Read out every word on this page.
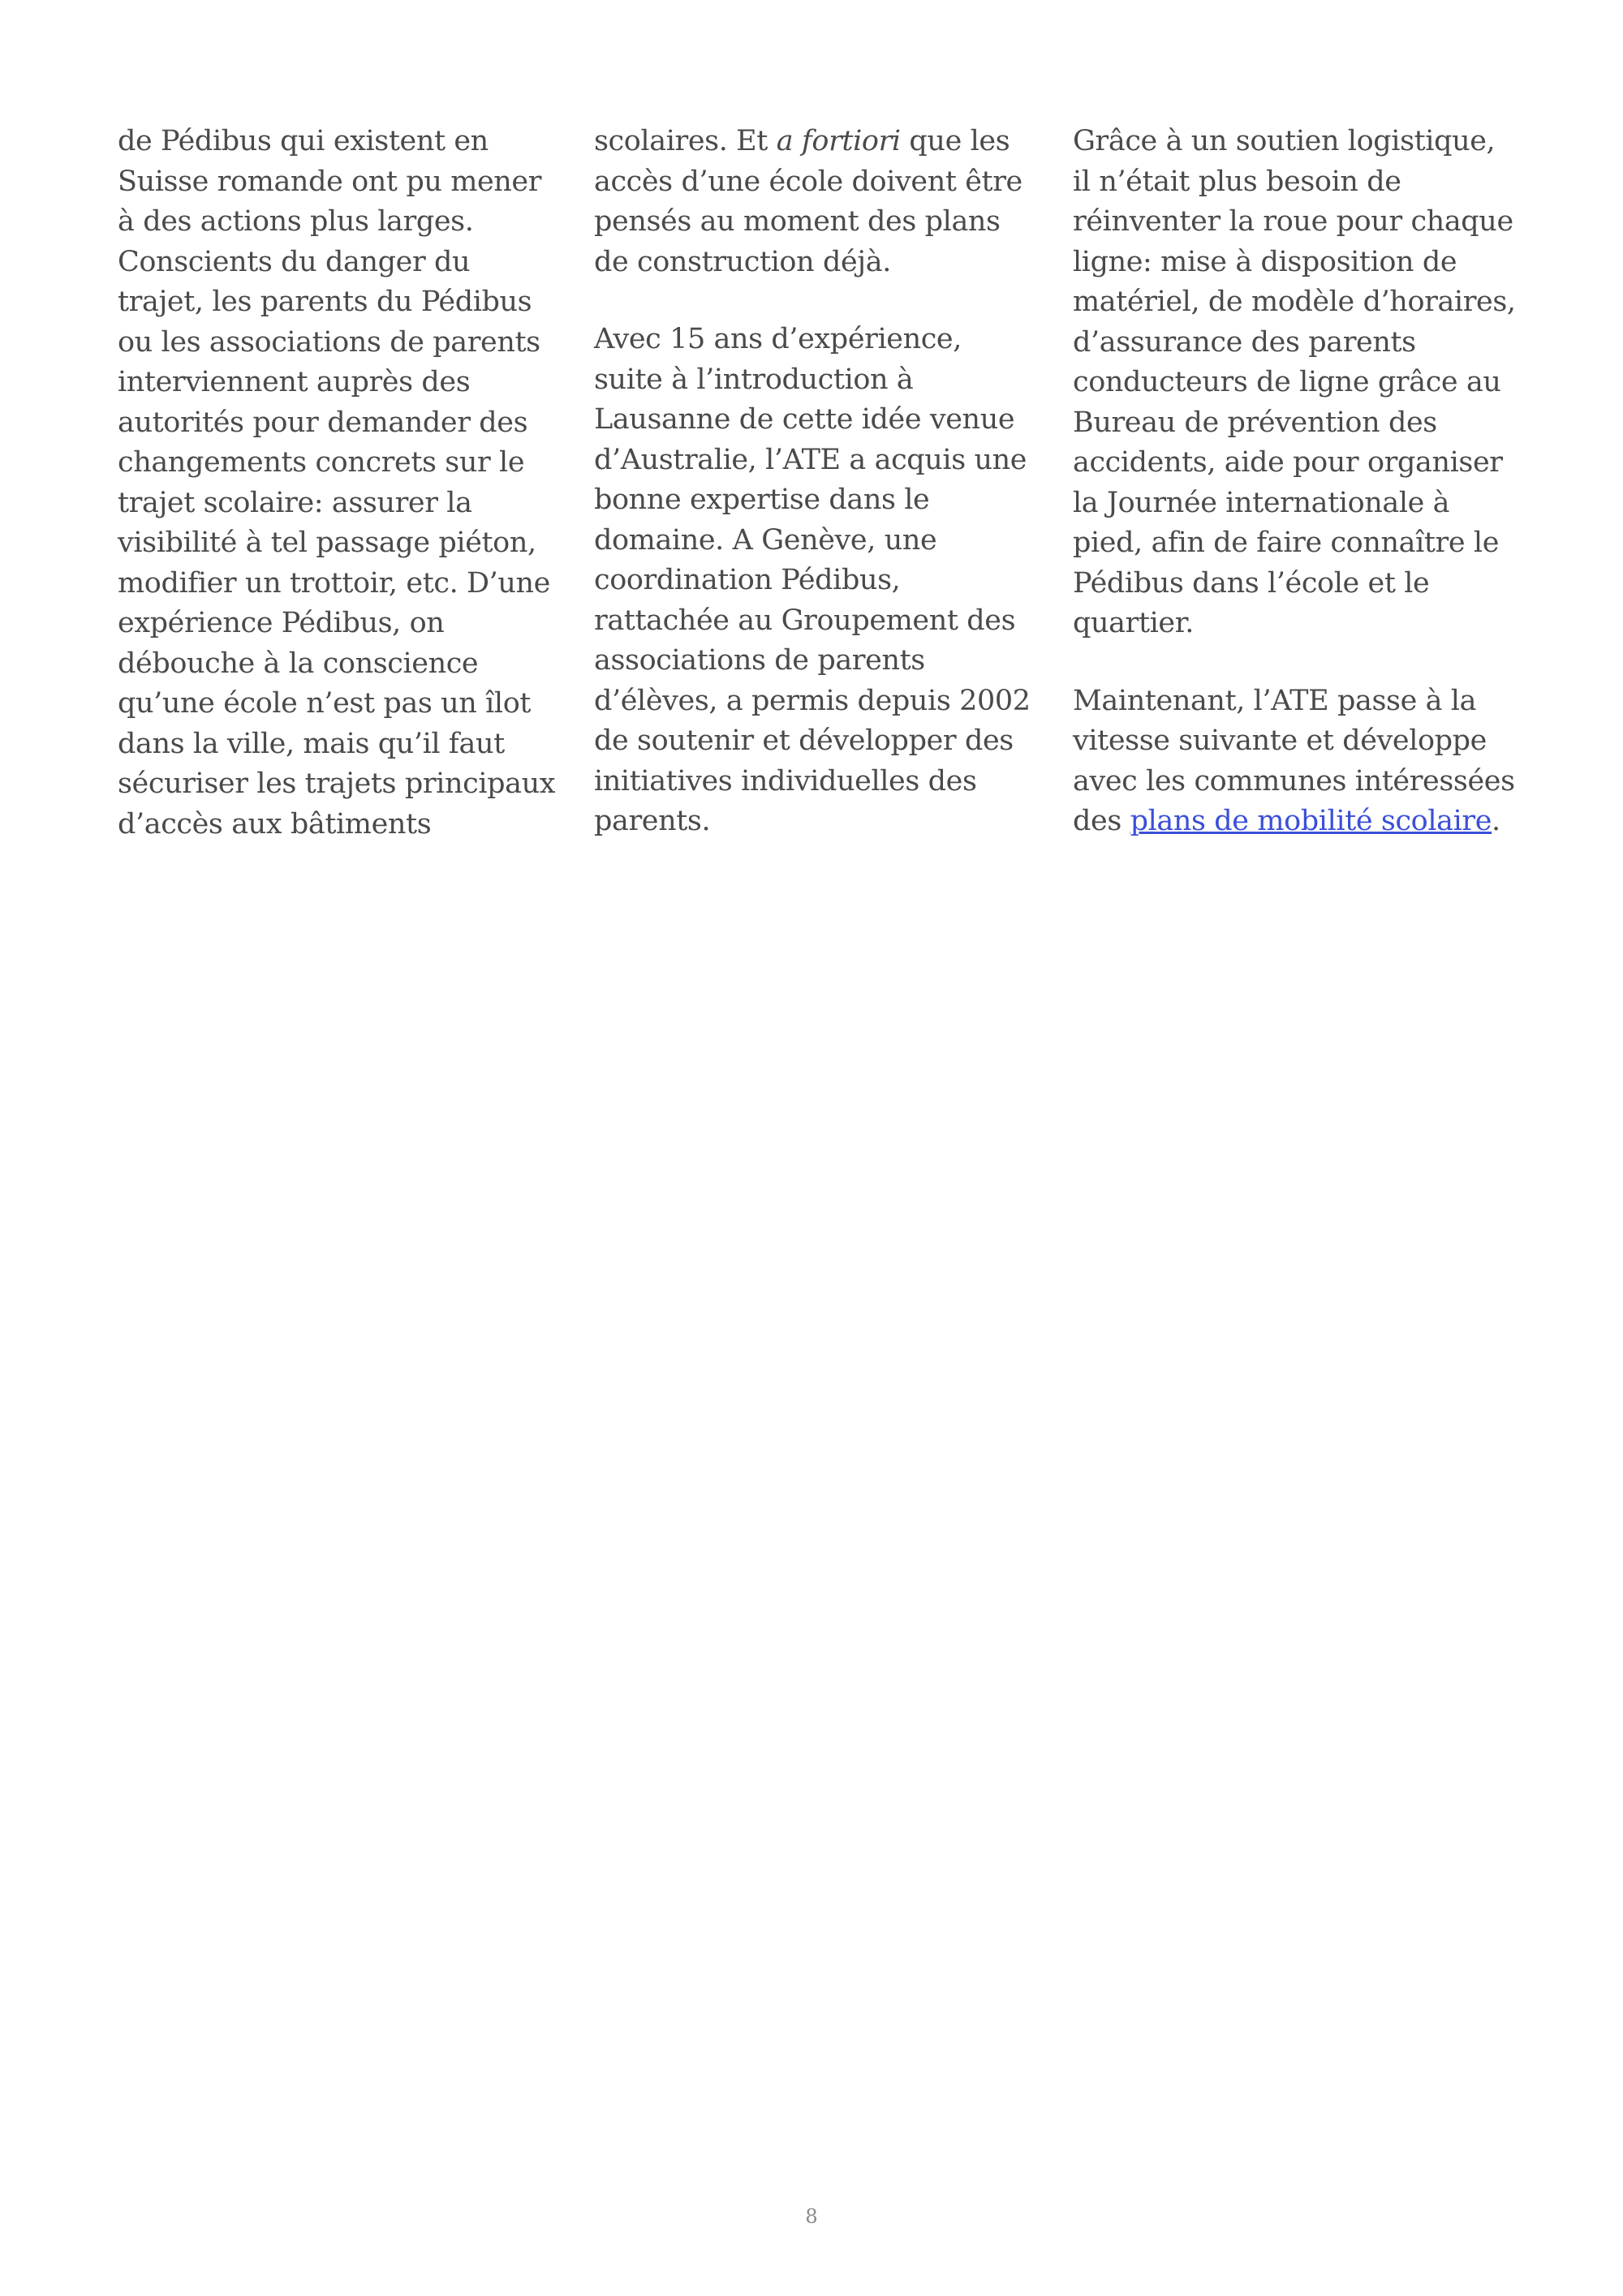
de Pédibus qui existent en Suisse romande ont pu mener à des actions plus larges. Conscients du danger du trajet, les parents du Pédibus ou les associations de parents interviennent auprès des autorités pour demander des changements concrets sur le trajet scolaire: assurer la visibilité à tel passage piéton, modifier un trottoir, etc. D’une expérience Pédibus, on débouche à la conscience qu’une école n’est pas un îlot dans la ville, mais qu’il faut sécuriser les trajets principaux d’accès aux bâtiments

scolaires. Et a fortiori que les accès d’une école doivent être pensés au moment des plans de construction déjà.

Avec 15 ans d’expérience, suite à l’introduction à Lausanne de cette idée venue d’Australie, l’ATE a acquis une bonne expertise dans le domaine. A Genève, une coordination Pédibus, rattachée au Groupement des associations de parents d’élèves, a permis depuis 2002 de soutenir et développer des initiatives individuelles des parents.

Grâce à un soutien logistique, il n’était plus besoin de réinventer la roue pour chaque ligne: mise à disposition de matériel, de modèle d’horaires, d’assurance des parents conducteurs de ligne grâce au Bureau de prévention des accidents, aide pour organiser la Journée internationale à pied, afin de faire connaître le Pédibus dans l’école et le quartier.

Maintenant, l’ATE passe à la vitesse suivante et développe avec les communes intéressées des plans de mobilité scolaire.

8
